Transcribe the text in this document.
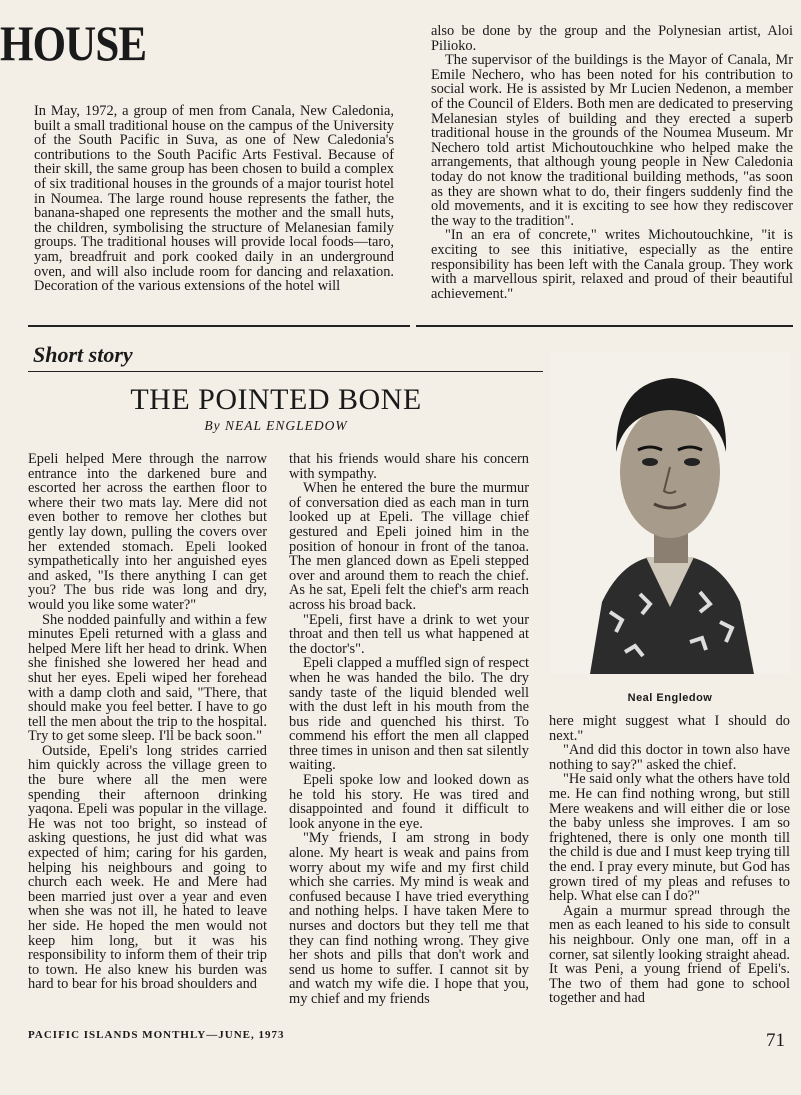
HOUSE

In May, 1972, a group of men from Canala, New Caledonia, built a small traditional house on the campus of the University of the South Pacific in Suva, as one of New Caledonia's contributions to the South Pacific Arts Festival. Because of their skill, the same group has been chosen to build a complex of six traditional houses in the grounds of a major tourist hotel in Noumea. The large round house represents the father, the banana-shaped one represents the mother and the small huts, the children, symbolising the structure of Melanesian family groups. The traditional houses will provide local foods—taro, yam, breadfruit and pork cooked daily in an underground oven, and will also include room for dancing and relaxation. Decoration of the various extensions of the hotel will

also be done by the group and the Polynesian artist, Aloi Pilioko.

The supervisor of the buildings is the Mayor of Canala, Mr Emile Nechero, who has been noted for his contribution to social work. He is assisted by Mr Lucien Nedenon, a member of the Council of Elders. Both men are dedicated to preserving Melanesian styles of building and they erected a superb traditional house in the grounds of the Noumea Museum. Mr Nechero told artist Michoutouchkine who helped make the arrangements, that although young people in New Caledonia today do not know the traditional building methods, "as soon as they are shown what to do, their fingers suddenly find the old movements, and it is exciting to see how they rediscover the way to the tradition".

"In an era of concrete," writes Michoutouchkine, "it is exciting to see this initiative, especially as the entire responsibility has been left with the Canala group. They work with a marvellous spirit, relaxed and proud of their beautiful achievement."

Short story
THE POINTED BONE
By NEAL ENGLEDOW

Epeli helped Mere through the narrow entrance into the darkened bure and escorted her across the earthen floor to where their two mats lay. Mere did not even bother to remove her clothes but gently lay down, pulling the covers over her extended stomach. Epeli looked sympathetically into her anguished eyes and asked, "Is there anything I can get you? The bus ride was long and dry, would you like some water?"

She nodded painfully and within a few minutes Epeli returned with a glass and helped Mere lift her head to drink. When she finished she lowered her head and shut her eyes. Epeli wiped her forehead with a damp cloth and said, "There, that should make you feel better. I have to go tell the men about the trip to the hospital. Try to get some sleep. I'll be back soon."

Outside, Epeli's long strides carried him quickly across the village green to the bure where all the men were spending their afternoon drinking yaqona. Epeli was popular in the village. He was not too bright, so instead of asking questions, he just did what was expected of him; caring for his garden, helping his neighbours and going to church each week. He and Mere had been married just over a year and even when she was not ill, he hated to leave her side. He hoped the men would not keep him long, but it was his responsibility to inform them of their trip to town. He also knew his burden was hard to bear for his broad shoulders and

that his friends would share his concern with sympathy.

When he entered the bure the murmur of conversation died as each man in turn looked up at Epeli. The village chief gestured and Epeli joined him in the position of honour in front of the tanoa. The men glanced down as Epeli stepped over and around them to reach the chief. As he sat, Epeli felt the chief's arm reach across his broad back.

"Epeli, first have a drink to wet your throat and then tell us what happened at the doctor's".

Epeli clapped a muffled sign of respect when he was handed the bilo. The dry sandy taste of the liquid blended well with the dust left in his mouth from the bus ride and quenched his thirst. To commend his effort the men all clapped three times in unison and then sat silently waiting.

Epeli spoke low and looked down as he told his story. He was tired and disappointed and found it difficult to look anyone in the eye.

"My friends, I am strong in body alone. My heart is weak and pains from worry about my wife and my first child which she carries. My mind is weak and confused because I have tried everything and nothing helps. I have taken Mere to nurses and doctors but they tell me that they can find nothing wrong. They give her shots and pills that don't work and send us home to suffer. I cannot sit by and watch my wife die. I hope that you, my chief and my friends

Neal Engledow

here might suggest what I should do next."

"And did this doctor in town also have nothing to say?" asked the chief.

"He said only what the others have told me. He can find nothing wrong, but still Mere weakens and will either die or lose the baby unless she improves. I am so frightened, there is only one month till the child is due and I must keep trying till the end. I pray every minute, but God has grown tired of my pleas and refuses to help. What else can I do?"

Again a murmur spread through the men as each leaned to his side to consult his neighbour. Only one man, off in a corner, sat silently looking straight ahead. It was Peni, a young friend of Epeli's. The two of them had gone to school together and had

PACIFIC ISLANDS MONTHLY—JUNE, 1973	71
